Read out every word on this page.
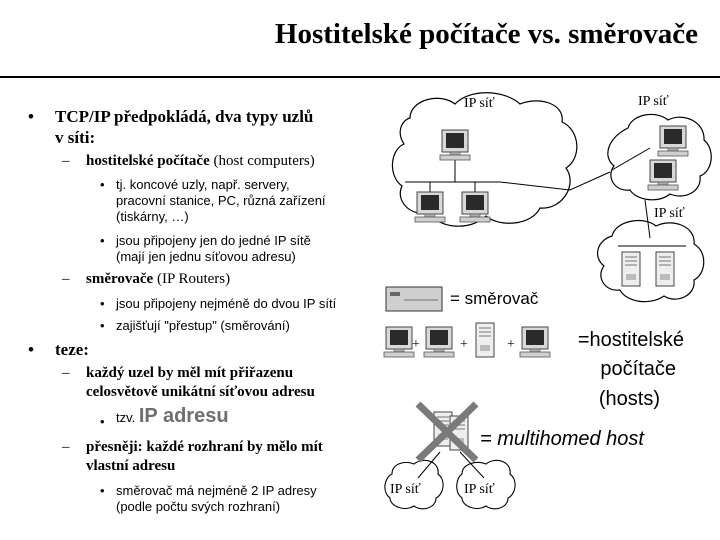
Hostitelské počítače vs. směrovače
• TCP/IP předpokládá, dva typy uzlů
v síti:
– hostitelské počítače (host computers)
• tj. koncové uzly, např. servery,
pracovní stanice, PC, různá zařízení
(tiskárny, …)
• jsou připojeny jen do jedné IP sítě
(mají jen jednu síťovou adresu)
– směrovače (IP Routers)
• jsou připojeny nejméně do dvou IP sítí
• zajišťují "přestup" (směrování)
• teze:
– každý uzel by měl mít přiřazenu
celosvětově unikátní síťovou adresu
• tzv. IP adresu
– přesněji: každé rozhraní by mělo mít
vlastní adresu
• směrovač má nejméně 2 IP adresy
(podle počtu svých rozhraní)
IP síť	IP síť
IP síť
IP síť	IP síť
= směrovač
+	+	+	=hostitelské
počítače
(hosts)
= multihomed host
